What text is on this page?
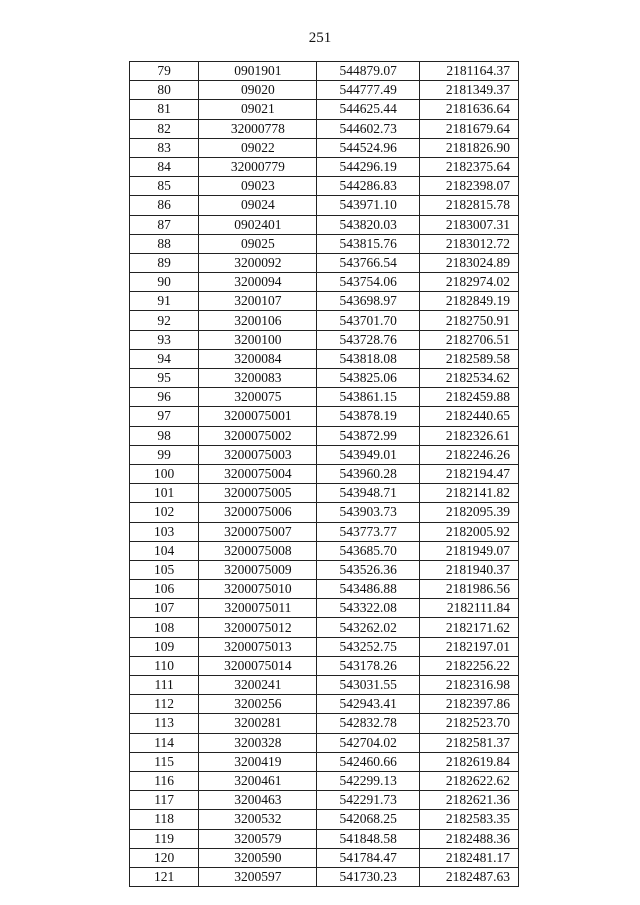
251
79	0901901	544879.07	2181164.37
80	09020	544777.49	2181349.37
81	09021	544625.44	2181636.64
82	32000778	544602.73	2181679.64
83	09022	544524.96	2181826.90
84	32000779	544296.19	2182375.64
85	09023	544286.83	2182398.07
86	09024	543971.10	2182815.78
87	0902401	543820.03	2183007.31
88	09025	543815.76	2183012.72
89	3200092	543766.54	2183024.89
90	3200094	543754.06	2182974.02
91	3200107	543698.97	2182849.19
92	3200106	543701.70	2182750.91
93	3200100	543728.76	2182706.51
94	3200084	543818.08	2182589.58
95	3200083	543825.06	2182534.62
96	3200075	543861.15	2182459.88
97	3200075001	543878.19	2182440.65
98	3200075002	543872.99	2182326.61
99	3200075003	543949.01	2182246.26
100	3200075004	543960.28	2182194.47
101	3200075005	543948.71	2182141.82
102	3200075006	543903.73	2182095.39
103	3200075007	543773.77	2182005.92
104	3200075008	543685.70	2181949.07
105	3200075009	543526.36	2181940.37
106	3200075010	543486.88	2181986.56
107	3200075011	543322.08	2182111.84
108	3200075012	543262.02	2182171.62
109	3200075013	543252.75	2182197.01
110	3200075014	543178.26	2182256.22
111	3200241	543031.55	2182316.98
112	3200256	542943.41	2182397.86
113	3200281	542832.78	2182523.70
114	3200328	542704.02	2182581.37
115	3200419	542460.66	2182619.84
116	3200461	542299.13	2182622.62
117	3200463	542291.73	2182621.36
118	3200532	542068.25	2182583.35
119	3200579	541848.58	2182488.36
120	3200590	541784.47	2182481.17
121	3200597	541730.23	2182487.63
